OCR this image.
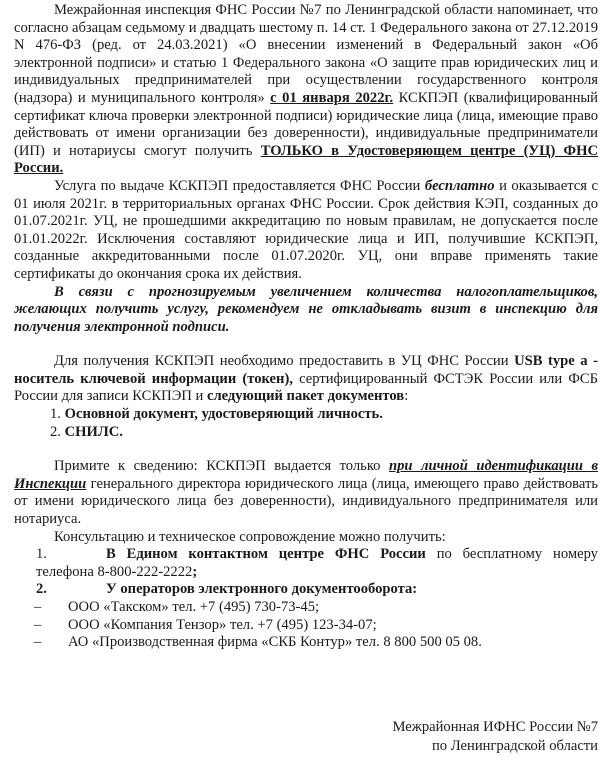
Межрайонная инспекция ФНС России №7 по Ленинградской области напоминает, что согласно абзацам седьмому и двадцать шестому п. 14 ст. 1 Федерального закона от 27.12.2019 N 476-ФЗ (ред. от 24.03.2021) «О внесении изменений в Федеральный закон «Об электронной подписи» и статью 1 Федерального закона «О защите прав юридических лиц и индивидуальных предпринимателей при осуществлении государственного контроля (надзора) и муниципального контроля» с 01 января 2022г. КСКПЭП (квалифицированный сертификат ключа проверки электронной подписи) юридические лица (лица, имеющие право действовать от имени организации без доверенности), индивидуальные предприниматели (ИП) и нотариусы смогут получить ТОЛЬКО в Удостоверяющем центре (УЦ) ФНС России.

Услуга по выдаче КСКПЭП предоставляется ФНС России бесплатно и оказывается с 01 июля 2021г. в территориальных органах ФНС России. Срок действия КЭП, созданных до 01.07.2021г. УЦ, не прошедшими аккредитацию по новым правилам, не допускается после 01.01.2022г. Исключения составляют юридические лица и ИП, получившие КСКПЭП, созданные аккредитованными после 01.07.2020г. УЦ, они вправе применять такие сертификаты до окончания срока их действия.

В связи с прогнозируемым увеличением количества налогоплательщиков, желающих получить услугу, рекомендуем не откладывать визит в инспекцию для получения электронной подписи.

Для получения КСКПЭП необходимо предоставить в УЦ ФНС России USB type a - носитель ключевой информации (токен), сертифицированный ФСТЭК России или ФСБ России для записи КСКПЭП и следующий пакет документов:

1. Основной документ, удостоверяющий личность.

2. СНИЛС.

Примите к сведению: КСКПЭП выдается только при личной идентификации в Инспекции генерального директора юридического лица (лица, имеющего право действовать от имени юридического лица без доверенности), индивидуального предпринимателя или нотариуса.

Консультацию и техническое сопровождение можно получить:

1.	В Едином контактном центре ФНС России по бесплатному номеру телефона 8-800-222-2222;

2.	У операторов электронного документооборота:

– ООО «Такском» тел. +7 (495) 730-73-45;

– ООО «Компания Тензор» тел. +7 (495) 123-34-07;

– АО «Производственная фирма «СКБ Контур» тел. 8 800 500 05 08.

Межрайонная ИФНС России №7
по Ленинградской области
